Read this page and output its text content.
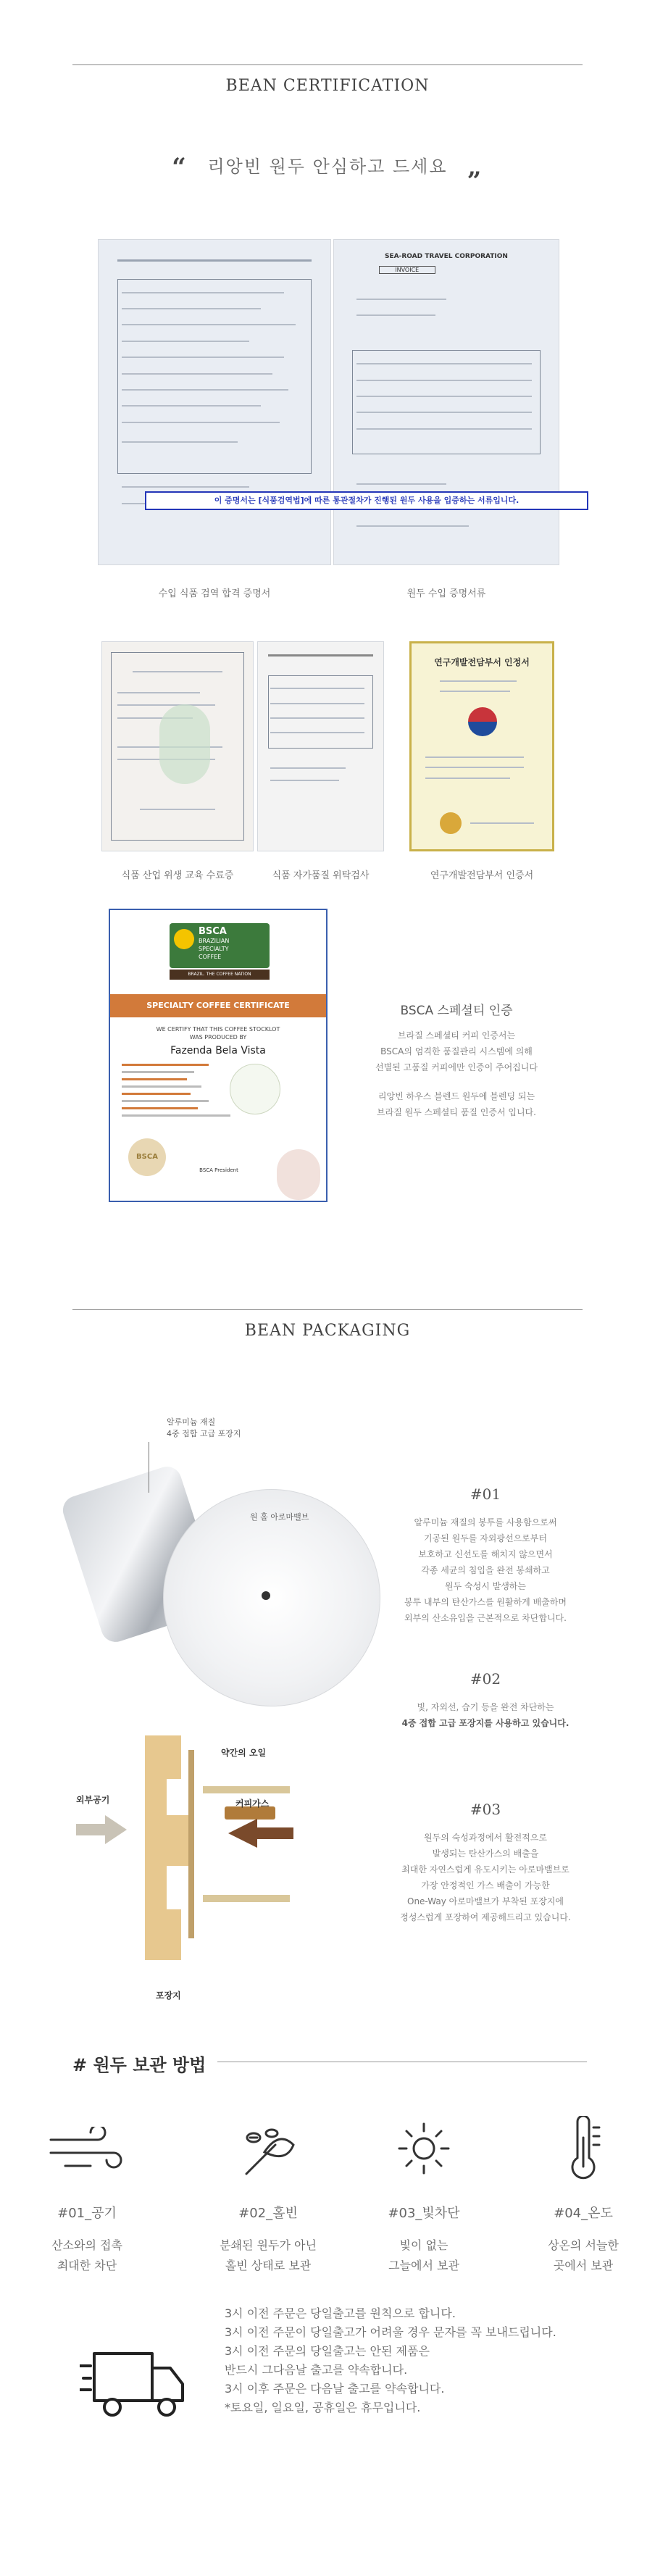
BEAN CERTIFICATION
“ 리앙빈 원두 안심하고 드세요 „
SEA-ROAD TRAVEL CORPORATION
INVOICE
이 증명서는 [식품검역법]에 따른 통관절차가 진행된 원두 사용을 입증하는 서류입니다.
수입 식품 검역 합격 증명서	원두 수입 증명서류
연구개발전담부서 인정서
식품 산업 위생 교육 수료증	식품 자가품질 위탁검사	연구개발전담부서 인증서
BSCA
BRAZILIAN
SPECIALTY
COFFEE
BRAZIL. THE COFFEE NATION
SPECIALTY COFFEE CERTIFICATE
WE CERTIFY THAT THIS COFFEE STOCKLOT
WAS PRODUCED BY
Fazenda Bela Vista
BSCA
BSCA President
BSCA 스페셜티 인증
브라질 스페셜티 커피 인증서는
BSCA의 엄격한 품질관리 시스템에 의해
선별된 고품질 커피에만 인증이 주어집니다
리앙빈 하우스 블렌드 원두에 블렌딩 되는
브라질 원두 스페셜티 품질 인증서 입니다.
BEAN PACKAGING
알루미늄 재질
4중 접합 고급 포장지
원 홀 아로마밸브
외부공기
약간의 오일
커피가스
포장지
#01
알루미늄 재질의 봉투를 사용함으로써
기공된 원두를 자외광선으로부터
보호하고 신선도를 해치지 않으면서
각종 세균의 침입을 완전 봉쇄하고
원두 숙성시 발생하는
봉투 내부의 탄산가스를 원활하게 배출하며
외부의 산소유입을 근본적으로 차단합니다.
#02
빛, 자외선, 습기 등을 완전 차단하는
4중 접합 고급 포장지를 사용하고 있습니다.
#03
원두의 숙성과정에서 활전적으로
발생되는 탄산가스의 배출을
최대한 자연스럽게 유도시키는 아로마밸브로
가장 안정적인 가스 배출이 가능한
One-Way 아로마밸브가 부착된 포장지에
정성스럽게 포장하여 제공해드리고 있습니다.
# 원두 보관 방법
#01_공기	#02_홀빈	#03_빛차단	#04_온도
산소와의 접촉
최대한 차단
분쇄된 원두가 아닌
홀빈 상태로 보관
빛이 없는
그늘에서 보관
상온의 서늘한
곳에서 보관
3시 이전 주문은 당일출고를 원칙으로 합니다.
3시 이전 주문이 당일출고가 어려울 경우 문자를 꼭 보내드립니다.
3시 이전 주문의 당일출고는 안된 제품은
반드시 그다음날 출고를 약속합니다.
3시 이후 주문은 다음날 출고를 약속합니다.
*토요일, 일요일, 공휴일은 휴무입니다.
